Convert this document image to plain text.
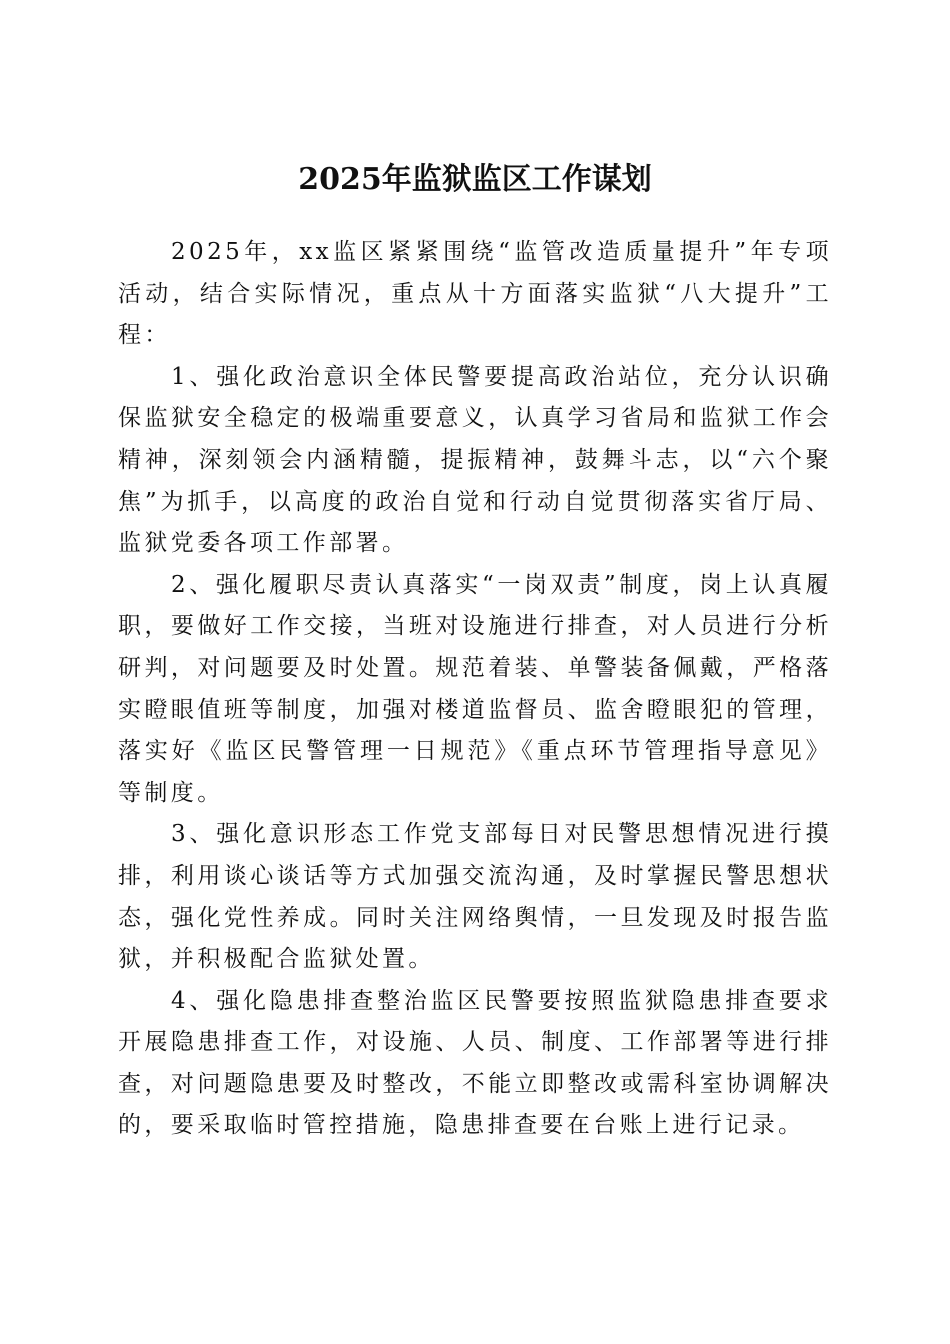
2025年监狱监区工作谋划

2025年，xx监区紧紧围绕“监管改造质量提升”年专项活动，结合实际情况，重点从十方面落实监狱“八大提升”工程：

1、强化政治意识全体民警要提高政治站位，充分认识确保监狱安全稳定的极端重要意义，认真学习省局和监狱工作会精神，深刻领会内涵精髓，提振精神，鼓舞斗志，以“六个聚焦”为抓手，以高度的政治自觉和行动自觉贯彻落实省厅局、监狱党委各项工作部署。

2、强化履职尽责认真落实“一岗双责”制度，岗上认真履职，要做好工作交接，当班对设施进行排查，对人员进行分析研判，对问题要及时处置。规范着装、单警装备佩戴，严格落实瞪眼值班等制度，加强对楼道监督员、监舍瞪眼犯的管理，落实好《监区民警管理一日规范》《重点环节管理指导意见》等制度。

3、强化意识形态工作党支部每日对民警思想情况进行摸排，利用谈心谈话等方式加强交流沟通，及时掌握民警思想状态，强化党性养成。同时关注网络舆情，一旦发现及时报告监狱，并积极配合监狱处置。

4、强化隐患排查整治监区民警要按照监狱隐患排查要求开展隐患排查工作，对设施、人员、制度、工作部署等进行排查，对问题隐患要及时整改，不能立即整改或需科室协调解决的，要采取临时管控措施，隐患排查要在台账上进行记录。
